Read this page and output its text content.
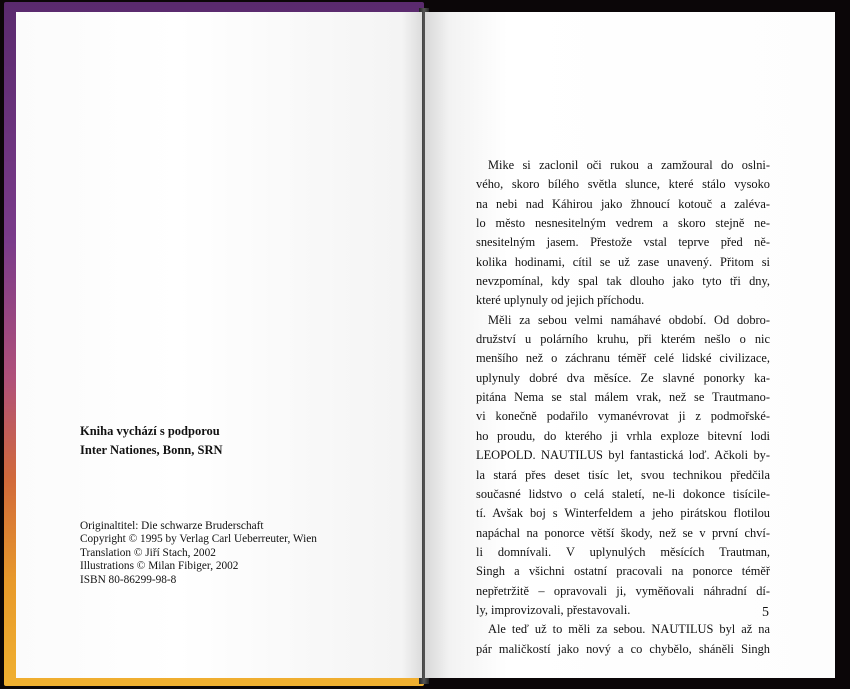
Kniha vychází s podporou
Inter Nationes, Bonn, SRN
Originaltitel: Die schwarze Bruderschaft
Copyright © 1995 by Verlag Carl Ueberreuter, Wien
Translation © Jiří Stach, 2002
Illustrations © Milan Fibiger, 2002
ISBN 80-86299-98-8

Mike si zaclonil oči rukou a zamžoural do oslni-
vého, skoro bílého světla slunce, které stálo vysoko
na nebi nad Káhirou jako žhnoucí kotouč a zaléva-
lo město nesnesitelným vedrem a skoro stejně ne-
snesitelným jasem. Přestože vstal teprve před ně-
kolika hodinami, cítil se už zase unavený. Přitom si
nevzpomínal, kdy spal tak dlouho jako tyto tři dny,
které uplynuly od jejich příchodu.

Měli za sebou velmi namáhavé období. Od dobro-
družství u polárního kruhu, při kterém nešlo o nic
menšího než o záchranu téměř celé lidské civilizace,
uplynuly dobré dva měsíce. Ze slavné ponorky ka-
pitána Nema se stal málem vrak, než se Trautmano-
vi konečně podařilo vymanévrovat ji z podmořské-
ho proudu, do kterého ji vrhla exploze bitevní lodi
LEOPOLD. NAUTILUS byl fantastická loď. Ačkoli by-
la stará přes deset tisíc let, svou technikou předčila
současné lidstvo o celá staletí, ne-li dokonce tisícile-
tí. Avšak boj s Winterfeldem a jeho pirátskou flotilou
napáchal na ponorce větší škody, než se v první chví-
li domnívali. V uplynulých měsících Trautman,
Singh a všichni ostatní pracovali na ponorce téměř
nepřetržitě – opravovali ji, vyměňovali náhradní dí-
ly, improvizovali, přestavovali.

Ale teď už to měli za sebou. NAUTILUS byl až na
pár maličkostí jako nový a co chybělo, sháněli Singh

5
